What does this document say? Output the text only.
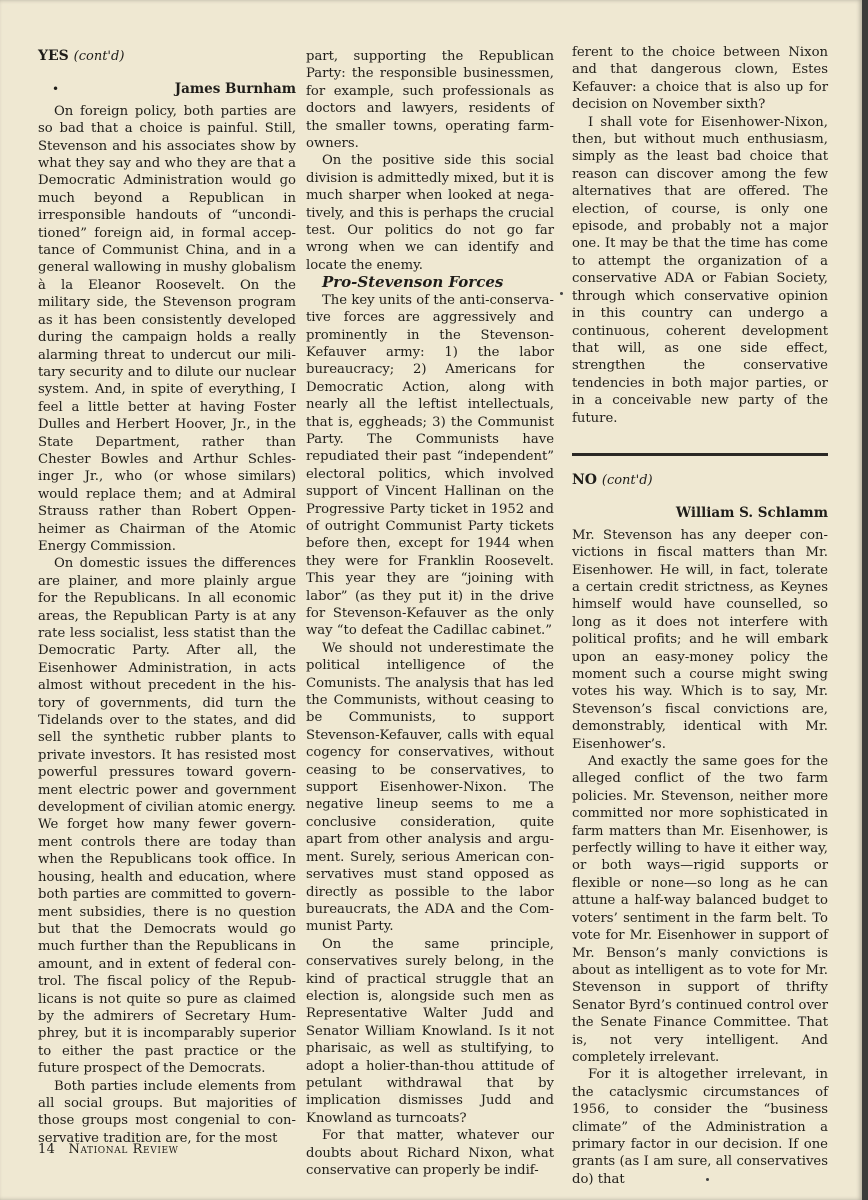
YES (cont'd)
•	James Burnham

On foreign policy, both parties are so bad that a choice is painful. Still, Stevenson and his associates show by what they say and who they are that a Democratic Administration would go much beyond a Republican in irresponsible handouts of “unconditioned” foreign aid, in formal acceptance of Communist China, and in a general wallowing in mushy globalism à la Eleanor Roosevelt. On the military side, the Stevenson program as it has been consistently developed during the campaign holds a really alarming threat to undercut our military security and to dilute our nuclear system. And, in spite of everything, I feel a little better at having Foster Dulles and Herbert Hoover, Jr., in the State Department, rather than Chester Bowles and Arthur Schlesinger Jr., who (or whose similars) would replace them; and at Admiral Strauss rather than Robert Oppenheimer as Chairman of the Atomic Energy Commission.

On domestic issues the differences are plainer, and more plainly argue for the Republicans. In all economic areas, the Republican Party is at any rate less socialist, less statist than the Democratic Party. After all, the Eisenhower Administration, in acts almost without precedent in the history of governments, did turn the Tidelands over to the states, and did sell the synthetic rubber plants to private investors. It has resisted most powerful pressures toward government electric power and government development of civilian atomic energy. We forget how many fewer government controls there are today than when the Republicans took office. In housing, health and education, where both parties are committed to government subsidies, there is no question but that the Democrats would go much further than the Republicans in amount, and in extent of federal control. The fiscal policy of the Republicans is not quite so pure as claimed by the admirers of Secretary Humphrey, but it is incomparably superior to either the past practice or the future prospect of the Democrats.

Both parties include elements from all social groups. But majorities of those groups most congenial to conservative tradition are, for the most

part, supporting the Republican Party: the responsible businessmen, for example, such professionals as doctors and lawyers, residents of the smaller towns, operating farm-owners.

On the positive side this social division is admittedly mixed, but it is much sharper when looked at negatively, and this is perhaps the crucial test. Our politics do not go far wrong when we can identify and locate the enemy.

Pro-Stevenson Forces

The key units of the anti-conservative forces are aggressively and prominently in the Stevenson-Kefauver army: 1) the labor bureaucracy; 2) Americans for Democratic Action, along with nearly all the leftist intellectuals, that is, eggheads; 3) the Communist Party. The Communists have repudiated their past “independent” electoral politics, which involved support of Vincent Hallinan on the Progressive Party ticket in 1952 and of outright Communist Party tickets before then, except for 1944 when they were for Franklin Roosevelt. This year they are “joining with labor” (as they put it) in the drive for Stevenson-Kefauver as the only way “to defeat the Cadillac cabinet.”

We should not underestimate the political intelligence of the Comunists. The analysis that has led the Communists, without ceasing to be Communists, to support Stevenson-Kefauver, calls with equal cogency for conservatives, without ceasing to be conservatives, to support Eisenhower-Nixon. The negative lineup seems to me a conclusive consideration, quite apart from other analysis and argument. Surely, serious American conservatives must stand opposed as directly as possible to the labor bureaucrats, the ADA and the Communist Party.

On the same principle, conservatives surely belong, in the kind of practical struggle that an election is, alongside such men as Representative Walter Judd and Senator William Knowland. Is it not pharisaic, as well as stultifying, to adopt a holier-than-thou attitude of petulant withdrawal that by implication dismisses Judd and Knowland as turncoats?

For that matter, whatever our doubts about Richard Nixon, what conservative can properly be indif-

ferent to the choice between Nixon and that dangerous clown, Estes Kefauver: a choice that is also up for decision on November sixth?

I shall vote for Eisenhower-Nixon, then, but without much enthusiasm, simply as the least bad choice that reason can discover among the few alternatives that are offered. The election, of course, is only one episode, and probably not a major one. It may be that the time has come to attempt the organization of a conservative ADA or Fabian Society, through which conservative opinion in this country can undergo a continuous, coherent development that will, as one side effect, strengthen the conservative tendencies in both major parties, or in a conceivable new party of the future.

NO (cont'd)
William S. Schlamm

Mr. Stevenson has any deeper convictions in fiscal matters than Mr. Eisenhower. He will, in fact, tolerate a certain credit strictness, as Keynes himself would have counselled, so long as it does not interfere with political profits; and he will embark upon an easy-money policy the moment such a course might swing votes his way. Which is to say, Mr. Stevenson’s fiscal convictions are, demonstrably, identical with Mr. Eisenhower’s.

And exactly the same goes for the alleged conflict of the two farm policies. Mr. Stevenson, neither more committed nor more sophisticated in farm matters than Mr. Eisenhower, is perfectly willing to have it either way, or both ways—rigid supports or flexible or none—so long as he can attune a half-way balanced budget to voters’ sentiment in the farm belt. To vote for Mr. Eisenhower in support of Mr. Benson’s manly convictions is about as intelligent as to vote for Mr. Stevenson in support of thrifty Senator Byrd’s continued control over the Senate Finance Committee. That is, not very intelligent. And completely irrelevant.

For it is altogether irrelevant, in the cataclysmic circumstances of 1956, to consider the “business climate” of the Administration a primary factor in our decision. If one grants (as I am sure, all conservatives do) that

14 National Review
